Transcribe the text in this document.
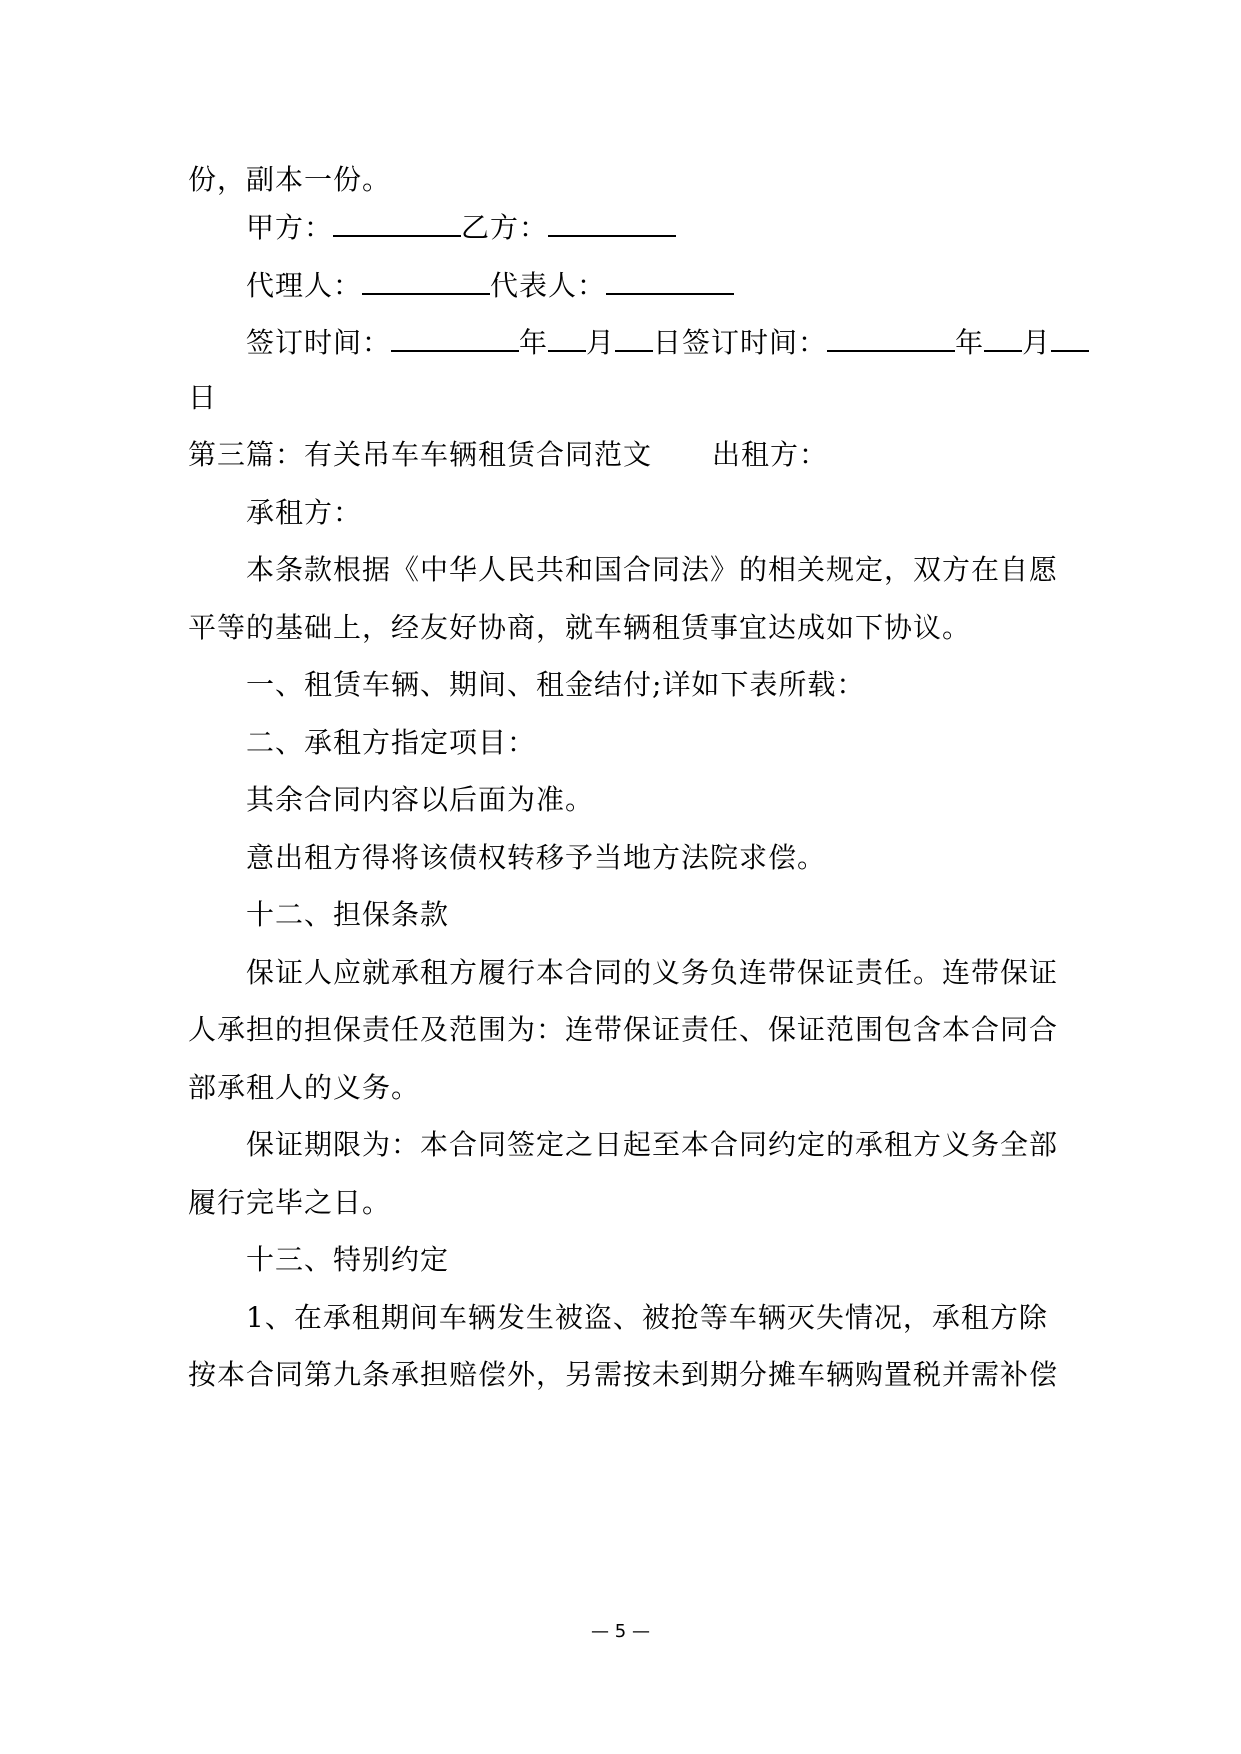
份，副本一份。
甲方：	乙方：
代理人：	代表人：
签订时间：	年 月 日签订时间：	年 月
日
第三篇：有关吊车车辆租赁合同范文 出租方：
承租方：
本条款根据《中华人民共和国合同法》的相关规定，双方在自愿
平等的基础上，经友好协商，就车辆租赁事宜达成如下协议。
一、租赁车辆、期间、租金结付;详如下表所载：
二、承租方指定项目：
其余合同内容以后面为准。
意出租方得将该债权转移予当地方法院求偿。
十二、担保条款
保证人应就承租方履行本合同的义务负连带保证责任。连带保证
人承担的担保责任及范围为：连带保证责任、保证范围包含本合同合
部承租人的义务。
保证期限为：本合同签定之日起至本合同约定的承租方义务全部
履行完毕之日。
十三、特别约定
1、在承租期间车辆发生被盗、被抢等车辆灭失情况，承租方除
按本合同第九条承担赔偿外，另需按未到期分摊车辆购置税并需补偿
— 5 —
